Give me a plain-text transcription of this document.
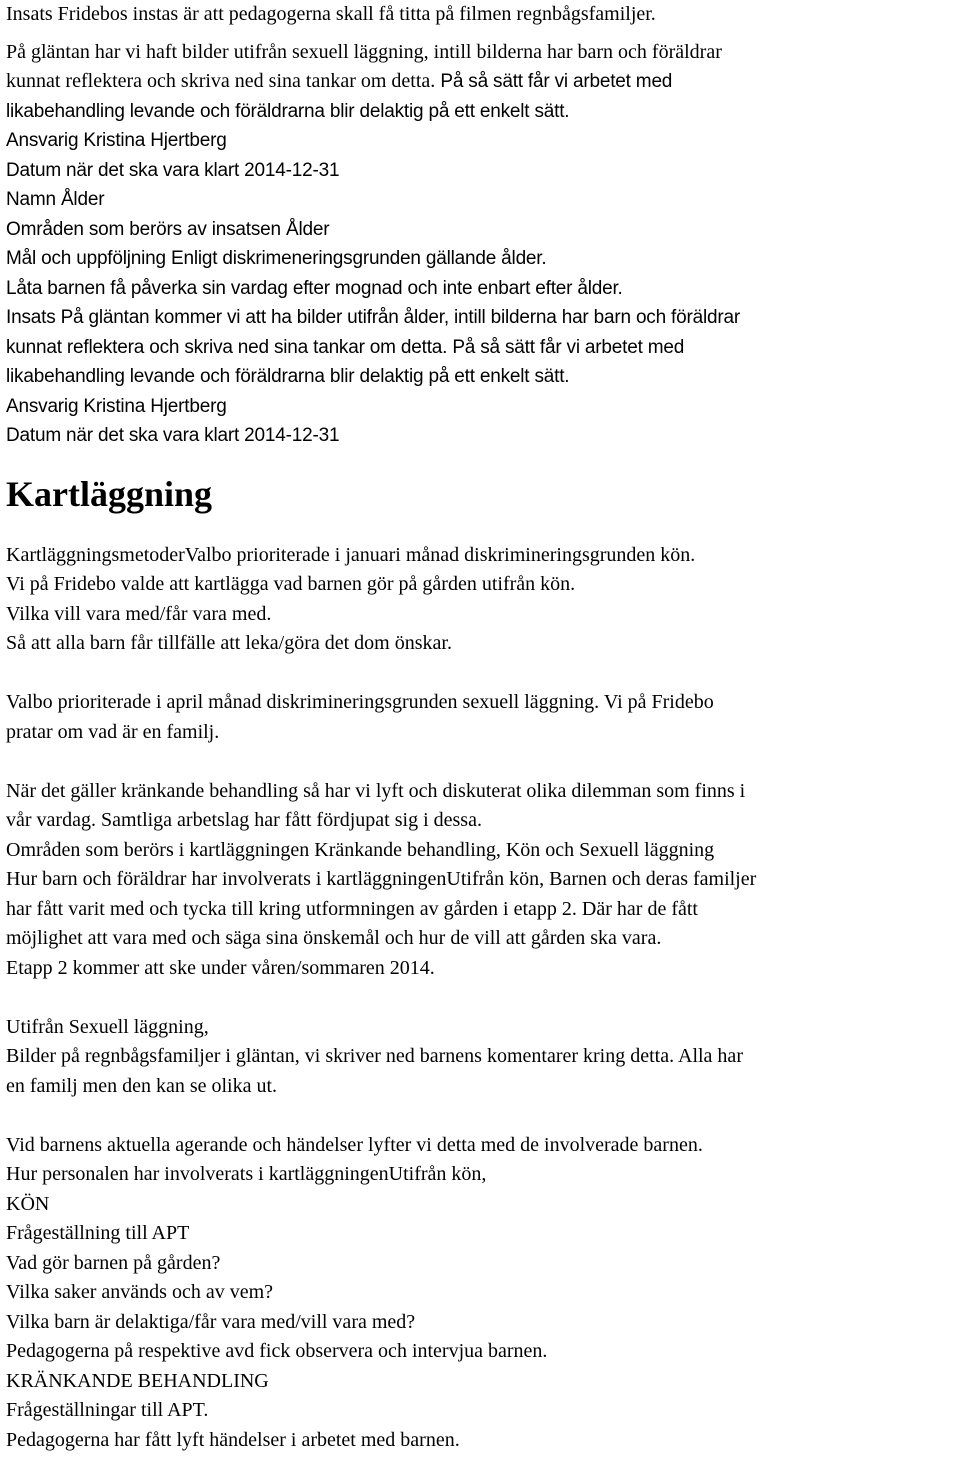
Insats Fridebos instas är att pedagogerna skall få titta på filmen regnbågsfamiljer.

På gläntan har vi haft bilder utifrån sexuell läggning, intill bilderna har barn och föräldrar

kunnat reflektera och skriva ned sina tankar om detta. På så sätt får vi arbetet med

likabehandling levande och föräldrarna blir delaktig på ett enkelt sätt.

Ansvarig Kristina Hjertberg

Datum när det ska vara klart 2014-12-31

Namn Ålder

Områden som berörs av insatsen Ålder

Mål och uppföljning Enligt diskrimeneringsgrunden gällande ålder.

Låta barnen få påverka sin vardag efter mognad och inte enbart efter ålder.

Insats På gläntan kommer vi att ha bilder utifrån ålder, intill bilderna har barn och föräldrar

kunnat reflektera och skriva ned sina tankar om detta. På så sätt får vi arbetet med

likabehandling levande och föräldrarna blir delaktig på ett enkelt sätt.

Ansvarig Kristina Hjertberg

Datum när det ska vara klart 2014-12-31

Kartläggning

KartläggningsmetoderValbo prioriterade i januari månad diskrimineringsgrunden kön.

Vi på Fridebo valde att kartlägga vad barnen gör på gården utifrån kön.

Vilka vill vara med/får vara med.

Så att alla barn får tillfälle att leka/göra det dom önskar.

Valbo prioriterade i april månad diskrimineringsgrunden sexuell läggning. Vi på Fridebo

pratar om vad är en familj.

När det gäller kränkande behandling så har vi lyft och diskuterat olika dilemman som finns i

vår vardag. Samtliga arbetslag har fått fördjupat sig i dessa.

Områden som berörs i kartläggningen Kränkande behandling, Kön och Sexuell läggning

Hur barn och föräldrar har involverats i kartläggningenUtifrån kön, Barnen och deras familjer

har fått varit med och tycka till kring utformningen av gården i etapp 2. Där har de fått

möjlighet att vara med och säga sina önskemål och hur de vill att gården ska vara.

Etapp 2 kommer att ske under våren/sommaren 2014.

Utifrån Sexuell läggning,

Bilder på regnbågsfamiljer i gläntan, vi skriver ned barnens komentarer kring detta. Alla har

en familj men den kan se olika ut.

Vid barnens aktuella agerande och händelser lyfter vi detta med de involverade barnen.

Hur personalen har involverats i kartläggningenUtifrån kön,

KÖN

Frågeställning till APT

Vad gör barnen på gården?

Vilka saker används och av vem?

Vilka barn är delaktiga/får vara med/vill vara med?

Pedagogerna på respektive avd fick observera och intervjua barnen.

KRÄNKANDE BEHANDLING

Frågeställningar till APT.

Pedagogerna har fått lyft händelser i arbetet med barnen.
